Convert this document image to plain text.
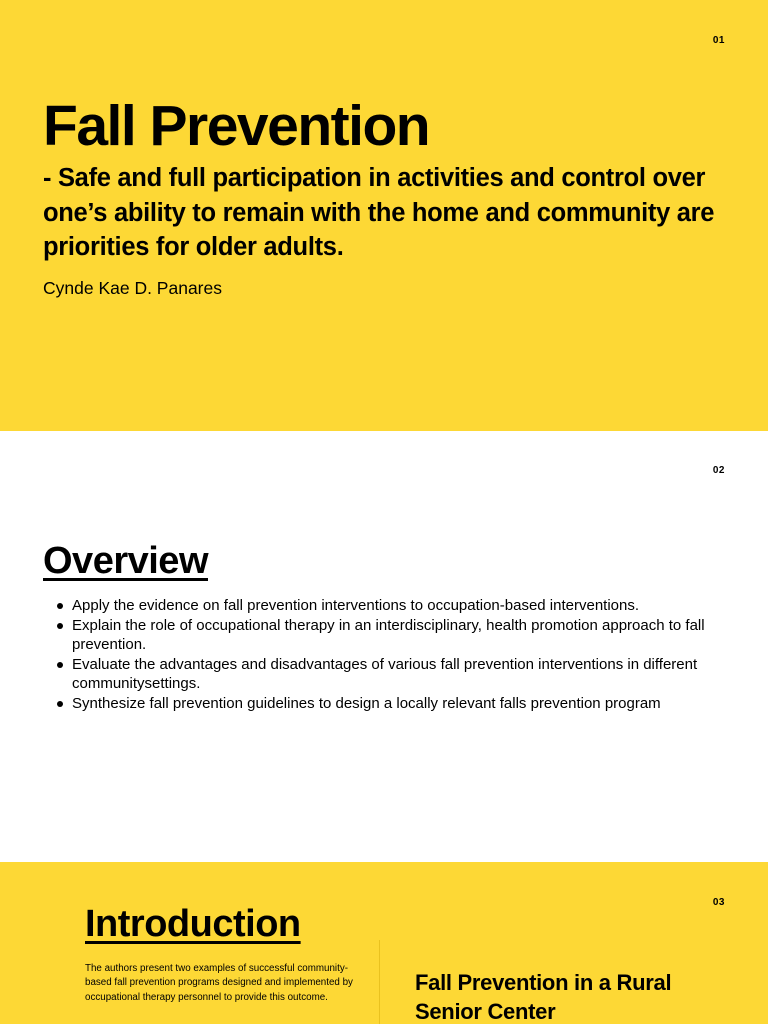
01
Fall Prevention

- Safe and full participation in activities and control over one’s ability to remain with the home and community are priorities for older adults.

Cynde Kae D. Panares

02
Overview
Apply the evidence on fall prevention interventions to occupation-based interventions.
Explain the role of occupational therapy in an interdisciplinary, health promotion approach to fall prevention.
Evaluate the advantages and disadvantages of various fall prevention interventions in different communitysettings.
Synthesize fall prevention guidelines to design a locally relevant falls prevention program
03
Introduction

The authors present two examples of successful community-based fall prevention programs designed and implemented by occupational therapy personnel to provide this outcome.

Fall Prevention in a Rural Senior Center
